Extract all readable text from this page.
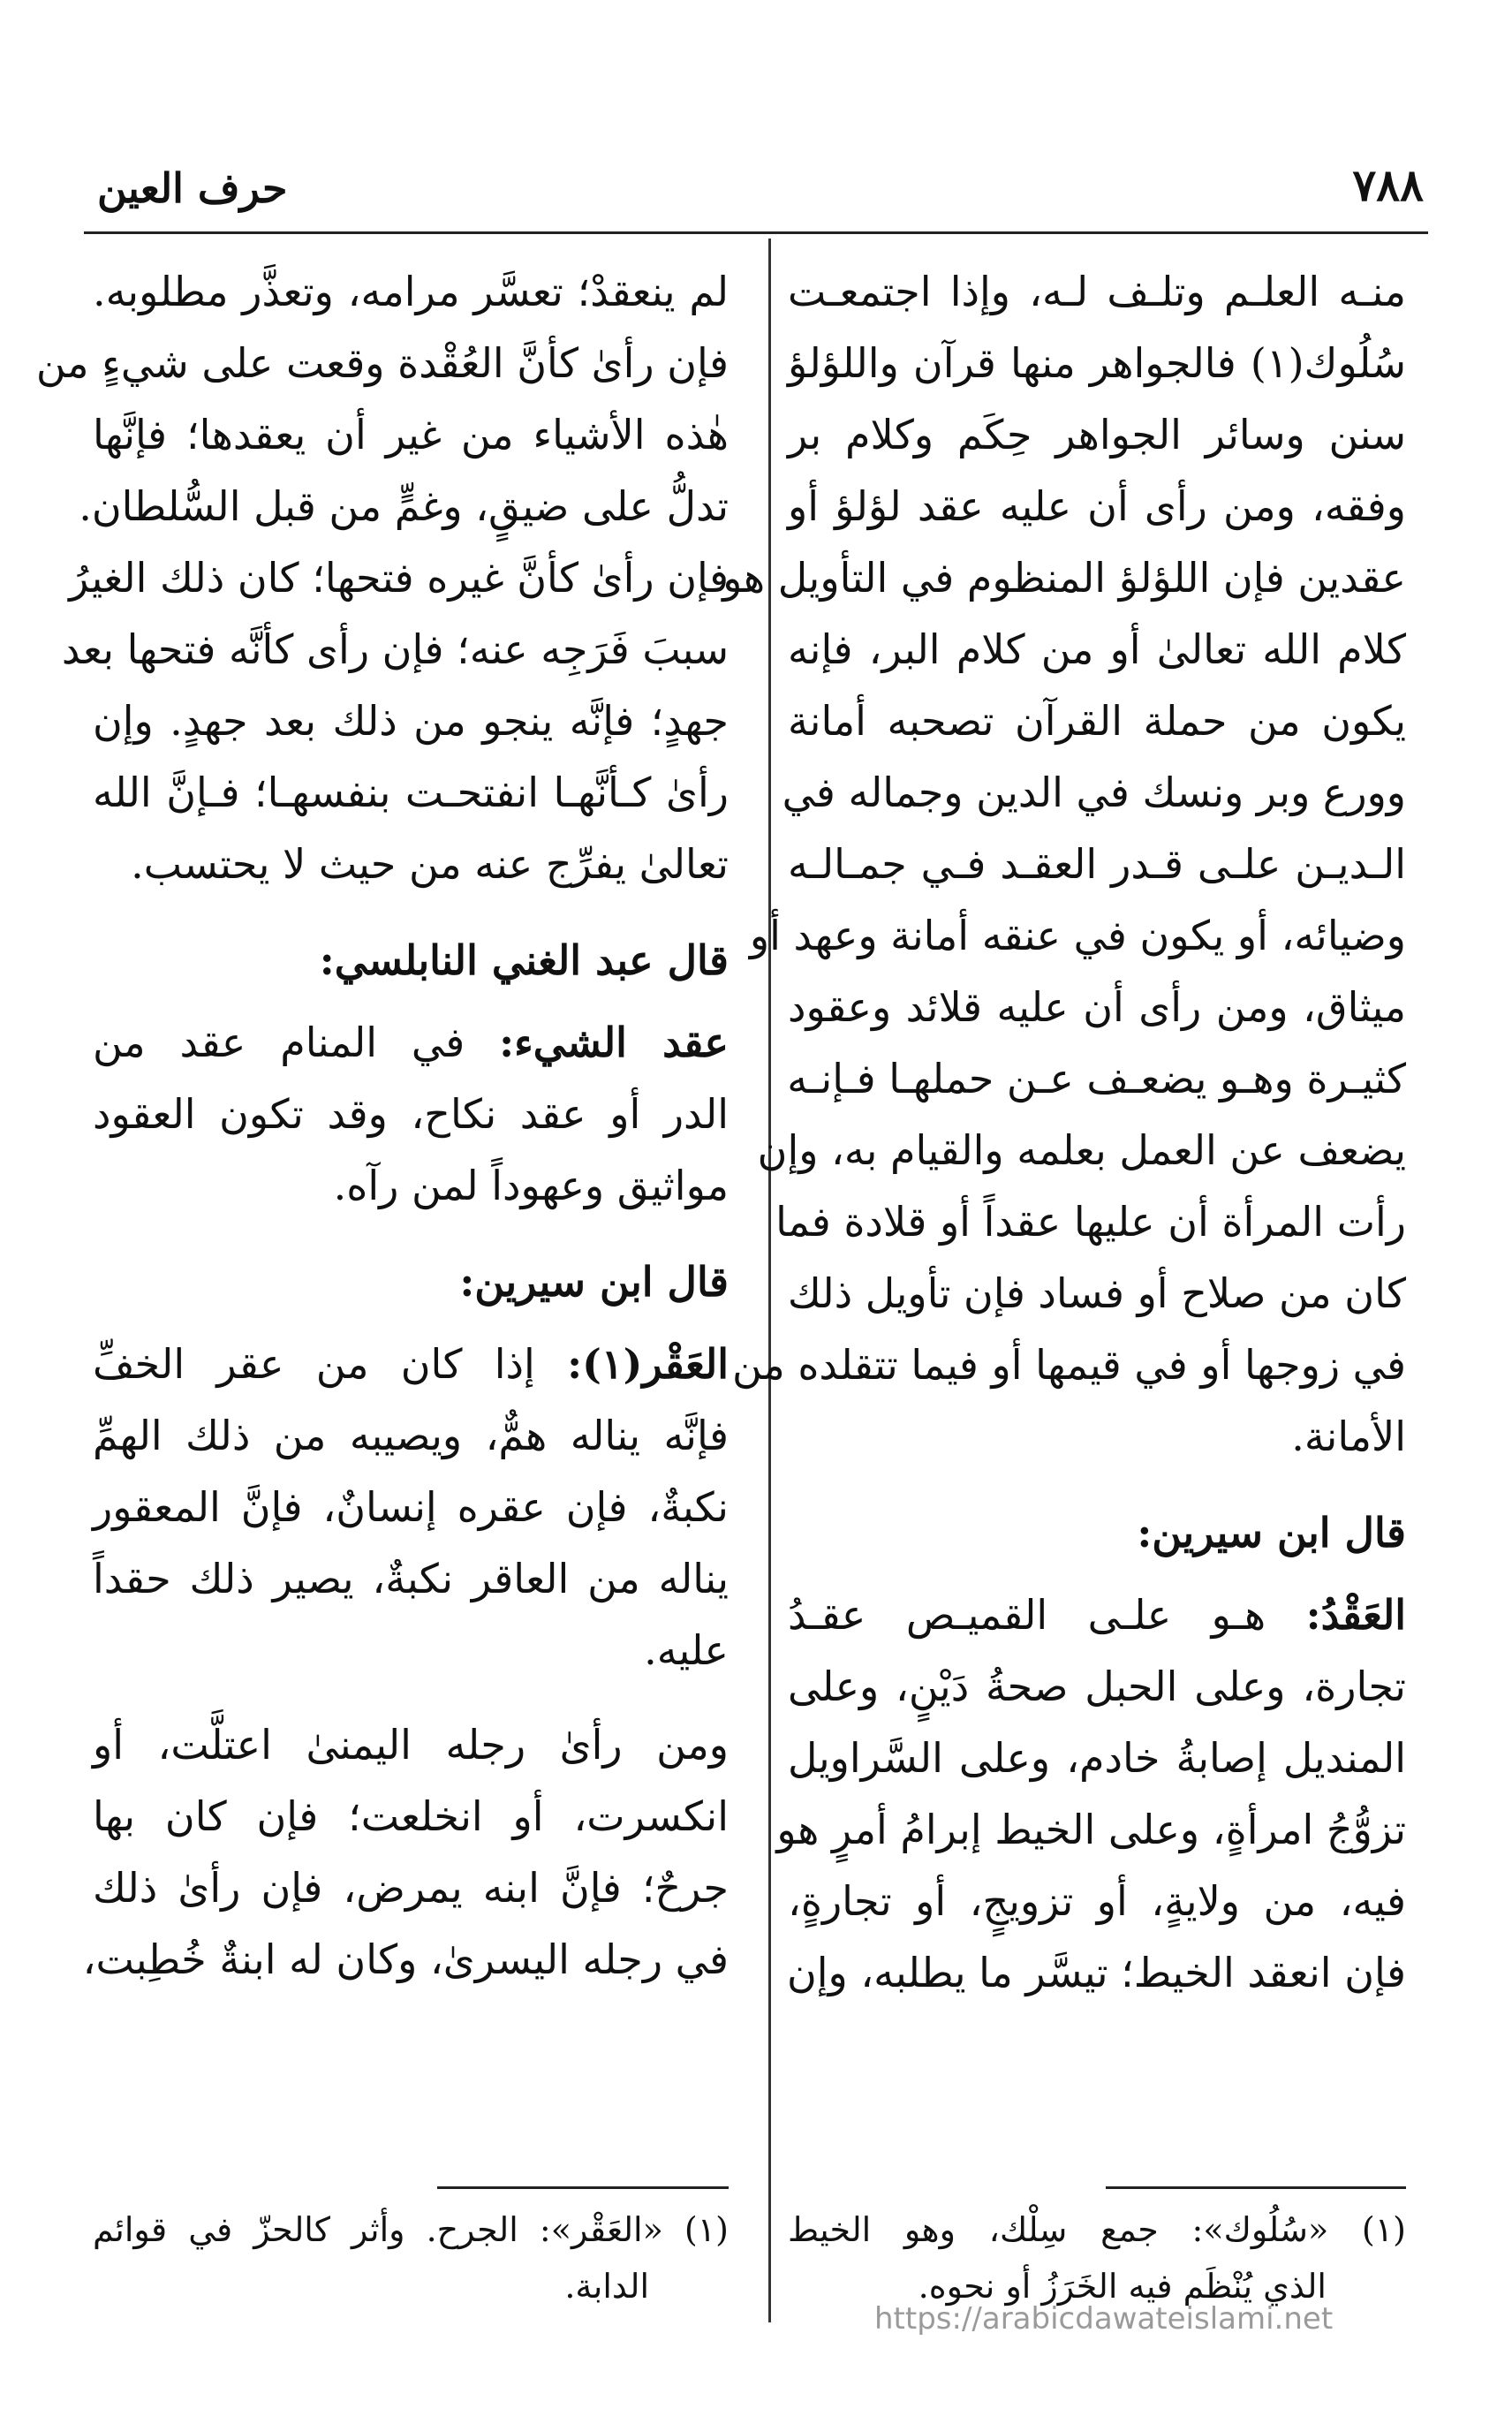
٧٨٨
حرف العين
منـه العلـم وتلـف لـه، وإذا اجتمعـت
سُلُوك(١) فالجواهر منها قرآن واللؤلؤ
سنن وسائر الجواهر حِكَم وكلام بر
وفقه، ومن رأى أن عليه عقد لؤلؤ أو
عقدين فإن اللؤلؤ المنظوم في التأويل هو
كلام الله تعالىٰ أو من كلام البر، فإنه
يكون من حملة القرآن تصحبه أمانة
وورع وبر ونسك في الدين وجماله في
الـديـن علـى قـدر العقـد فـي جمـالـه
وضيائه، أو يكون في عنقه أمانة وعهد أو
ميثاق، ومن رأى أن عليه قلائد وعقود
كثيـرة وهـو يضعـف عـن حملهـا فـإنـه
يضعف عن العمل بعلمه والقيام به، وإن
رأت المرأة أن عليها عقداً أو قلادة فما
كان من صلاح أو فساد فإن تأويل ذلك
في زوجها أو في قيمها أو فيما تتقلده من
الأمانة.
قال ابن سيرين:
العَقْدُ: هـو علـى القميـص عقـدُ
تجارة، وعلى الحبل صحةُ دَيْنٍ، وعلى
المنديل إصابةُ خادم، وعلى السَّراويل
تزوُّجُ امرأةٍ، وعلى الخيط إبرامُ أمرٍ هو
فيه، من ولايةٍ، أو تزويجٍ، أو تجارةٍ،
فإن انعقد الخيط؛ تيسَّر ما يطلبه، وإن
لم ينعقدْ؛ تعسَّر مرامه، وتعذَّر مطلوبه.
فإن رأىٰ كأنَّ العُقْدة وقعت على شيءٍ من
هٰذه الأشياء من غير أن يعقدها؛ فإنَّها
تدلُّ على ضيقٍ، وغمٍّ من قبل السُّلطان.
فإن رأىٰ كأنَّ غيره فتحها؛ كان ذلك الغيرُ
سببَ فَرَجِه عنه؛ فإن رأى كأنَّه فتحها بعد
جهدٍ؛ فإنَّه ينجو من ذلك بعد جهدٍ. وإن
رأىٰ كـأنَّهـا انفتحـت بنفسهـا؛ فـإنَّ الله
تعالىٰ يفرِّج عنه من حيث لا يحتسب.
قال عبد الغني النابلسي:
عقد الشيء: في المنام عقد من
الدر أو عقد نكاح، وقد تكون العقود
مواثيق وعهوداً لمن رآه.
قال ابن سيرين:
العَقْر(١): إذا كان من عقر الخفِّ
فإنَّه يناله همٌّ، ويصيبه من ذلك الهمِّ
نكبةٌ، فإن عقره إنسانٌ، فإنَّ المعقور
يناله من العاقر نكبةٌ، يصير ذلك حقداً
عليه.
ومن رأىٰ رجله اليمنىٰ اعتلَّت، أو
انكسرت، أو انخلعت؛ فإن كان بها
جرحٌ؛ فإنَّ ابنه يمرض، فإن رأىٰ ذلك
في رجله اليسرىٰ، وكان له ابنةٌ خُطِبت،
(١) «سُلُوك»: جمع سِلْك، وهو الخيط
الذي يُنْظَم فيه الخَرَزُ أو نحوه.
(١) «العَقْر»: الجرح. وأثر كالحزّ في قوائم
الدابة.
https://arabicdawateislami.net
